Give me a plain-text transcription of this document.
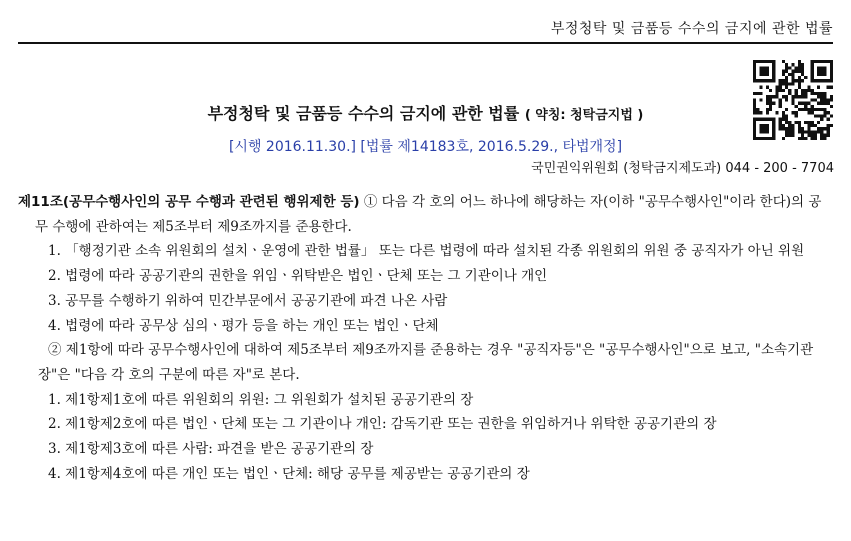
부정청탁 및 금품등 수수의 금지에 관한 법률
부정청탁 및 금품등 수수의 금지에 관한 법률 ( 약칭: 청탁금지법 )
[시행 2016.11.30.] [법률 제14183호, 2016.5.29., 타법개정]
국민권익위원회 (청탁금지제도과) 044 - 200 - 7704
제11조(공무수행사인의 공무 수행과 관련된 행위제한 등) ① 다음 각 호의 어느 하나에 해당하는 자(이하 "공무수행사인"이라 한다)의 공무 수행에 관하여는 제5조부터 제9조까지를 준용한다.
1. 「행정기관 소속 위원회의 설치ㆍ운영에 관한 법률」 또는 다른 법령에 따라 설치된 각종 위원회의 위원 중 공직자가 아닌 위원
2. 법령에 따라 공공기관의 권한을 위임ㆍ위탁받은 법인ㆍ단체 또는 그 기관이나 개인
3. 공무를 수행하기 위하여 민간부문에서 공공기관에 파견 나온 사람
4. 법령에 따라 공무상 심의ㆍ평가 등을 하는 개인 또는 법인ㆍ단체
② 제1항에 따라 공무수행사인에 대하여 제5조부터 제9조까지를 준용하는 경우 "공직자등"은 "공무수행사인"으로 보고, "소속기관장"은 "다음 각 호의 구분에 따른 자"로 본다.
1. 제1항제1호에 따른 위원회의 위원: 그 위원회가 설치된 공공기관의 장
2. 제1항제2호에 따른 법인ㆍ단체 또는 그 기관이나 개인: 감독기관 또는 권한을 위임하거나 위탁한 공공기관의 장
3. 제1항제3호에 따른 사람: 파견을 받은 공공기관의 장
4. 제1항제4호에 따른 개인 또는 법인ㆍ단체: 해당 공무를 제공받는 공공기관의 장
